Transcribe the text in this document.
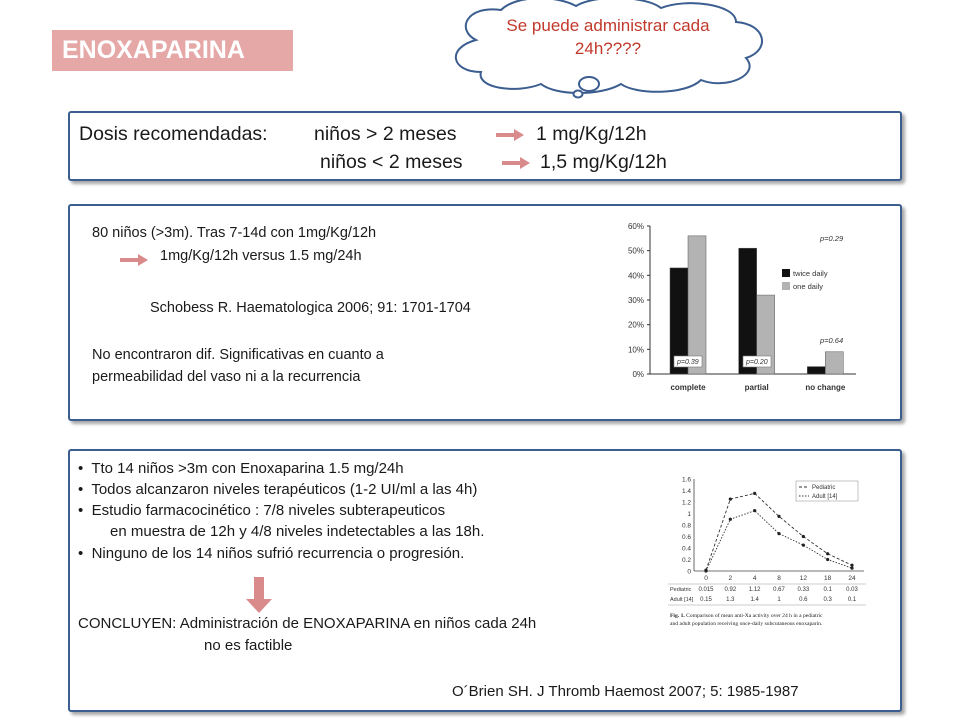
ENOXAPARINA
Se puede administrar cada 24h????
Dosis recomendadas: niños > 2 meses	1 mg/Kg/12h
niños < 2 meses	1,5 mg/Kg/12h
80 niños (>3m). Tras 7-14d con 1mg/Kg/12h
1mg/Kg/12h versus 1.5 mg/24h
Schobess R. Haematologica 2006; 91: 1701-1704
No encontraron dif. Significativas en cuanto a
permeabilidad del vaso ni a la recurrencia	0%
10%
20%
30%
40%
50%
60%
complete	partial	no change
twice daily
one daily
p=0.29
p=0.64
p=0.39	p=0.20
•  Tto 14 niños >3m con Enoxaparina 1.5 mg/24h
•  Todos alcanzaron niveles terapéuticos (1-2 UI/ml a las 4h)
•  Estudio farmacocinético : 7/8 niveles subterapeuticos
en muestra de 12h y 4/8 niveles indetectables a las 18h.
•  Ninguno de los 14 niños sufrió recurrencia o progresión.
CONCLUYEN: Administración de ENOXAPARINA en niños cada 24h
no es factible
O´Brien SH. J Thromb Haemost 2007; 5: 1985-1987
0
0.2
0.4
0.6
0.8
1
1.2
1.4
1.6
0	2	4	8	12	18	24
Pediatric
Adult [14]
Pediatric 0.015 0.92 1.12 0.67 0.33 0.1 0.03
Adult [14] 0.15 1.3	1.4	1	0.6	0.3	0.1
Fig. 1. Comparison of mean anti-Xa activity over 24 h in a pediatric and adult population receiving once-daily subcutaneous enoxaparin.
